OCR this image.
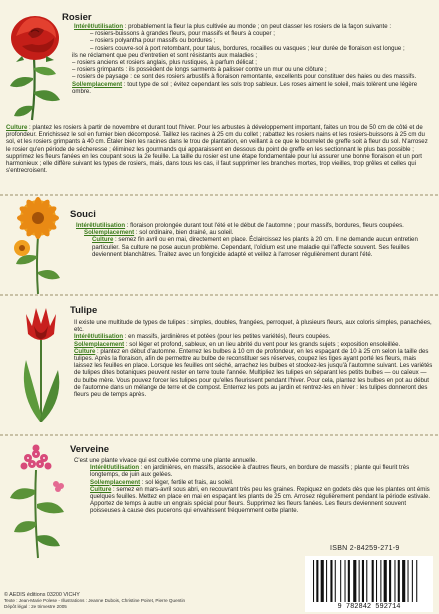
Rosier

Intérêt/utilisation : probablement la fleur la plus cultivée au monde ; on peut classer les rosiers de la façon suivante :

– rosiers-buissons à grandes fleurs, pour massifs et fleurs à couper ;

– rosiers polyantha pour massifs ou bordures ;

– rosiers couvre-sol à port retombant, pour talus, bordures, rocailles ou vasques ; leur durée de floraison est longue ;

ils ne réclament que peu d'entretien et sont résistants aux maladies ;

– rosiers anciens et rosiers anglais, plus rustiques, à parfum délicat ;

– rosiers grimpants : ils possèdent de longs sarments à palisser contre un mur ou une clôture ;

– rosiers de paysage : ce sont des rosiers arbustifs à floraison remontante, excellents pour constituer des haies ou des massifs.

Sol/emplacement : tout type de sol ; évitez cependant les sols trop sableux. Les roses aiment le soleil, mais tolèrent une légère ombre.

Culture : plantez les rosiers à partir de novembre et durant tout l'hiver. Pour les arbustes à développement important, faites un trou de 50 cm de côté et de profondeur. Enrichissez le sol en fumier bien décomposé. Taillez les racines à 25 cm du collet ; rabattez les rosiers nains et les rosiers-buissons à 25 cm du sol, et les rosiers grimpants à 40 cm. Étaler bien les racines dans le trou de plantation, en veillant à ce que le bourrelet de greffe soit à fleur du sol. N'arrosez le rosier qu'en période de sécheresse ; éliminez les gourmands qui apparaissent en dessous du point de greffe en les sectionnant le plus bas possible ; supprimez les fleurs fanées en les coupant sous la 2e feuille. La taille du rosier est une étape fondamentale pour lui assurer une bonne floraison et un port harmonieux ; elle diffère suivant les types de rosiers, mais, dans tous les cas, il faut supprimer les branches mortes, trop vieilles, trop grêles et celles qui s'entrecroisent.

Souci

Intérêt/utilisation : floraison prolongée durant tout l'été et le début de l'automne ; pour massifs, bordures, fleurs coupées.

Sol/emplacement : sol ordinaire, bien drainé, au soleil.

Culture : semez fin avril ou en mai, directement en place. Éclaircissez les plants à 20 cm. Il ne demande aucun entretien particulier. Sa culture ne pose aucun problème. Cependant, l'oïdium est une maladie qui l'affecte souvent. Ses feuilles deviennent blanchâtres. Traitez avec un fongicide adapté et veillez à l'arroser régulièrement durant l'été.

Tulipe

Il existe une multitude de types de tulipes : simples, doubles, frangées, perroquet, à plusieurs fleurs, aux coloris simples, panachées, etc.

Intérêt/utilisation : en massifs, jardinières et potées (pour les petites variétés), fleurs coupées.

Sol/emplacement : sol léger et profond, sableux, en un lieu abrité du vent pour les grands sujets ; exposition ensoleillée.

Culture : plantez en début d'automne. Enterrez les bulbes à 10 cm de profondeur, en les espaçant de 10 à 25 cm selon la taille des tulipes. Après la floraison, afin de permettre au bulbe de reconstituer ses réserves, coupez les tiges ayant porté les fleurs, mais laissez les feuilles en place. Lorsque les feuilles ont séché, arrachez les bulbes et stockez-les jusqu'à l'automne suivant. Les variétés de tulipes dites botaniques peuvent rester en terre toute l'année. Multipliez les tulipes en séparant les petits bulbes — ou caïeux — du bulbe mère. Vous pouvez forcer les tulipes pour qu'elles fleurissent pendant l'hiver. Pour cela, plantez les bulbes en pot au début de l'automne dans un mélange de terre et de compost. Enterrez les pots au jardin et rentrez-les en hiver : les tulipes donneront des fleurs peu de temps après.

Verveine

C'est une plante vivace qui est cultivée comme une plante annuelle.

Intérêt/utilisation : en jardinières, en massifs, associée à d'autres fleurs, en bordure de massifs ; plante qui fleurit très longtemps, de juin aux gelées.

Sol/emplacement : sol léger, fertile et frais, au soleil.

Culture : semez en mars-avril sous abri, en recouvrant très peu les graines. Repiquez en godets dès que les plantes ont émis quelques feuilles. Mettez en place en mai en espaçant les plants de 25 cm. Arrosez régulièrement pendant la période estivale. Apportez de temps à autre un engrais spécial pour fleurs. Supprimez les fleurs fanées. Les fleurs deviennent souvent poisseuses à cause des pucerons qui envahissent fréquemment cette plante.

© AEDIS éditions 03200 VICHY
Texte : Jean-Marie Polese - Illustrations : Jeanne Dubois, Christine Poiret, Pierre Quentin
Dépôt légal : 2e trimestre 2005
ISBN 2-84259-271-9
9 782842 592714
